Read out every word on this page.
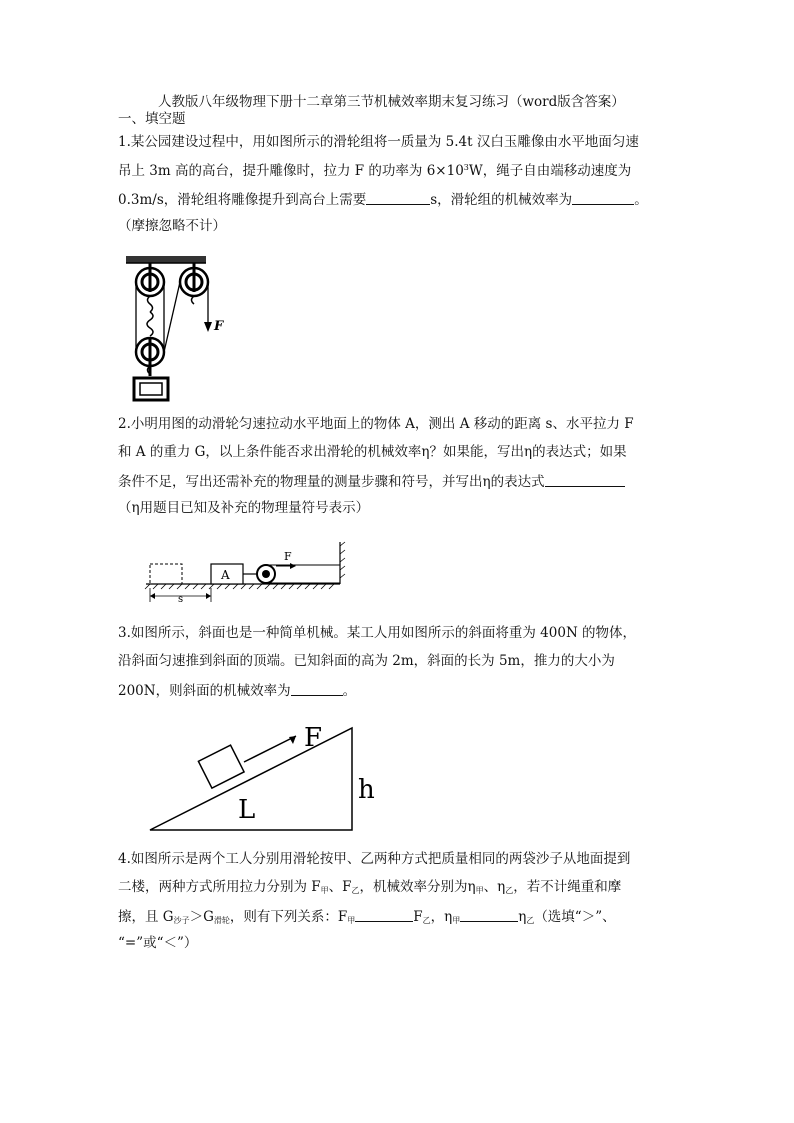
人教版八年级物理下册十二章第三节机械效率期末复习练习（word版含答案）
一、填空题
1.某公园建设过程中，用如图所示的滑轮组将一质量为 5.4t 汉白玉雕像由水平地面匀速
吊上 3m 高的高台，提升雕像时，拉力 F 的功率为 $6\times 10^3W$，绳子自由端移动速度为
0.3m/s，滑轮组将雕像提升到高台上需要	s，滑轮组的机械效率为	。
（摩擦忽略不计）
F
2.小明用图的动滑轮匀速拉动水平地面上的物体 A，测出 A 移动的距离 s、水平拉力 F
和 A 的重力 G，以上条件能否求出滑轮的机械效率η？如果能，写出η的表达式；如果
条件不足，写出还需补充的物理量的测量步骤和符号，并写出η的表达式
（η用题目已知及补充的物理量符号表示）
A
F
s
3.如图所示，斜面也是一种简单机械。某工人用如图所示的斜面将重为 400N 的物体，
沿斜面匀速推到斜面的顶端。已知斜面的高为 2m，斜面的长为 5m，推力的大小为
200N，则斜面的机械效率为	。
F
L
h
4.如图所示是两个工人分别用滑轮按甲、乙两种方式把质量相同的两袋沙子从地面提到
二楼，两种方式所用拉力分别为 $F_甲$、$F_乙$，机械效率分别为$\eta_甲$、$\eta_乙$，若不计绳重和摩
擦，且 $G_{沙子}>G_{滑轮}$，则有下列关系：$F_甲$	$F_乙$，$\eta_甲$	$\eta_乙$（选填“＞”、
“=”或“＜”）
